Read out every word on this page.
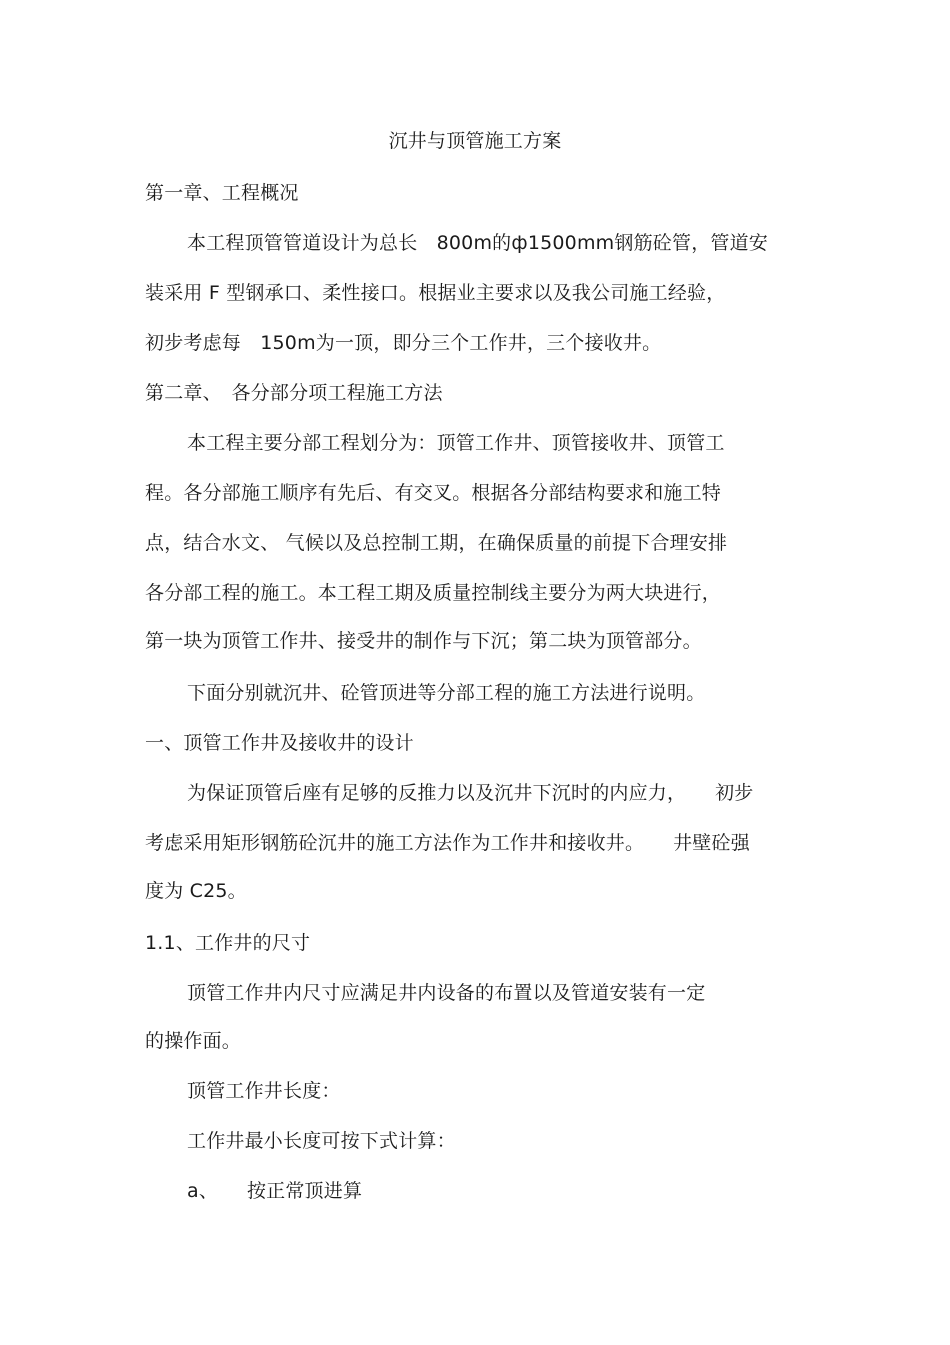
沉井与顶管施工方案
第一章、工程概况
本工程顶管管道设计为总长　800m的ф1500mm钢筋砼管，管道安
装采用 F 型钢承口、柔性接口。根据业主要求以及我公司施工经验，
初步考虑每　150m为一顶，即分三个工作井，三个接收井。
第二章、　各分部分项工程施工方法
本工程主要分部工程划分为：顶管工作井、顶管接收井、顶管工
程。各分部施工顺序有先后、有交叉。根据各分部结构要求和施工特
点，结合水文、 气候以及总控制工期，在确保质量的前提下合理安排
各分部工程的施工。本工程工期及质量控制线主要分为两大块进行，
第一块为顶管工作井、接受井的制作与下沉；第二块为顶管部分。
下面分别就沉井、砼管顶进等分部工程的施工方法进行说明。
一、顶管工作井及接收井的设计
为保证顶管后座有足够的反推力以及沉井下沉时的内应力，　　初步
考虑采用矩形钢筋砼沉井的施工方法作为工作井和接收井。　　井壁砼强
度为 C25。
1.1、工作井的尺寸
顶管工作井内尺寸应满足井内设备的布置以及管道安装有一定
的操作面。
顶管工作井长度：
工作井最小长度可按下式计算：
a、　　按正常顶进算
